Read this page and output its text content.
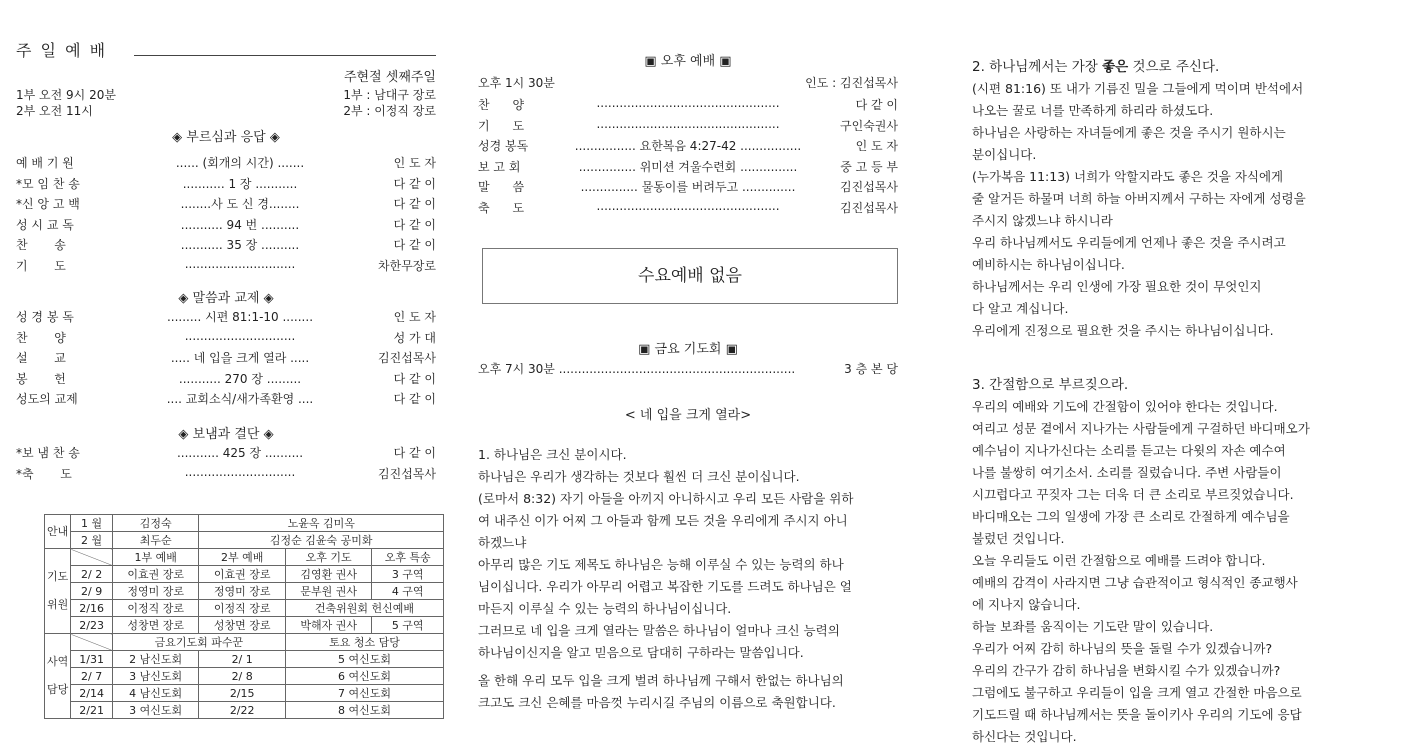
주 일 예 배
주현절 셋째주일
1부 오전 9시 20분	1부 : 남대구 장로
2부 오전 11시	2부 : 이정직 장로
◈ 부르심과 응답 ◈
예 배 기 원	...... (회개의 시간) .......	인 도 자
*모 임 찬 송	........... 1 장 ...........	다 같 이
*신 앙 고 백	........사 도 신 경........	다 같 이
성 시 교 독	........... 94 번 ..........	다 같 이
찬       송	........... 35 장 ..........	다 같 이
기       도	.............................	차한무장로
◈ 말씀과 교제 ◈
성 경 봉 독	......... 시편 81:1-10 ........	인 도 자
찬       양	.............................	성 가 대
설       교	..... 네 입을 크게 열라 .....	김진섭목사
봉       헌	........... 270 장 .........	다 같 이
성도의 교제	.... 교회소식/새가족환영 ....	다 같 이
◈ 보냄과 결단 ◈
*보 냄 찬 송	........... 425 장 ..........	다 같 이
*축       도	.............................	김진섭목사
안내	1 월	김정숙	노윤옥 김미옥		
	2 월	최두순	김정순 김윤숙 공미화		
기도

위원		1부 예배	2부 예배	오후 기도	오후 특송
	2/ 2	이효권 장로	이효권 장로	김영환 권사	3 구역
	2/ 9	정영미 장로	정영미 장로	문부원 권사	4 구역
	2/16	이정직 장로	이정직 장로	건축위원회 헌신예배	
	2/23	성창면 장로	성창면 장로	박해자 권사	5 구역
사역

담당		금요기도회 파수꾼		토요 청소 담당	
	1/31	2 남신도회	2/ 1	5 여신도회	
	2/ 7	3 남신도회	2/ 8	6 여신도회	
	2/14	4 남신도회	2/15	7 여신도회	
	2/21	3 여신도회	2/22	8 여신도회	
▣ 오후 예배 ▣
오후 1시 30분	인도 : 김진섭목사
찬      양	................................................	다 같 이
기      도	................................................	구인숙권사
성경 봉독	................ 요한복음 4:27-42 ................	인 도 자
보 고 회	............... 위미션 겨울수련회 ...............	중 고 등 부
말      씀	............... 물동이를 버려두고 ..............	김진섭목사
축      도	................................................	김진섭목사
수요예배 없음
▣ 금요 기도회 ▣
오후 7시 30분 ..............................................................	3 층 본 당
< 네 입을 크게 열라>

1. 하나님은 크신 분이시다.

하나님은 우리가 생각하는 것보다 훨씬 더 크신 분이십니다.

(로마서 8:32) 자기 아들을 아끼지 아니하시고 우리 모든 사람을 위하

여 내주신 이가 어찌 그 아들과 함께 모든 것을 우리에게 주시지 아니

하겠느냐

아무리 많은 기도 제목도 하나님은 능해 이루실 수 있는 능력의 하나

님이십니다. 우리가 아무리 어렵고 복잡한 기도를 드려도 하나님은 얼

마든지 이루실 수 있는 능력의 하나님이십니다.

그러므로 네 입을 크게 열라는 말씀은 하나님이 얼마나 크신 능력의

하나님이신지을 알고 믿음으로 담대히 구하라는 말씀입니다.

올 한해 우리 모두 입을 크게 벌려 하나님께 구해서 한없는 하나님의

크고도 크신 은혜를 마음껏 누리시길 주님의 이름으로 축원합니다.

2. 하나님께서는 가장 좋은 것으로 주신다.

(시편 81:16) 또 내가 기름진 밀을 그들에게 먹이며 반석에서

나오는 꿀로 너를 만족하게 하리라 하셨도다.

하나님은 사랑하는 자녀들에게 좋은 것을 주시기 원하시는

분이십니다.

(누가복음 11:13) 너희가 악할지라도 좋은 것을 자식에게

줄 알거든 하물며 너희 하늘 아버지께서 구하는 자에게 성령을

주시지 않겠느냐 하시니라

우리 하나님께서도 우리들에게 언제나 좋은 것을 주시려고

예비하시는 하나님이십니다.

하나님께서는 우리 인생에 가장 필요한 것이 무엇인지

다 알고 계십니다.

우리에게 진정으로 필요한 것을 주시는 하나님이십니다.

3. 간절함으로 부르짖으라.

우리의 예배와 기도에 간절함이 있어야 한다는 것입니다.

여리고 성문 곁에서 지나가는 사람들에게 구걸하던 바디매오가

예수님이 지나가신다는 소리를 듣고는 다윗의 자손 예수여

나를 불쌍히 여기소서. 소리를 질렀습니다. 주변 사람들이

시끄럽다고 꾸짖자 그는 더욱 더 큰 소리로 부르짖었습니다.

바디매오는 그의 일생에 가장 큰 소리로 간절하게 예수님을

불렀던 것입니다.

오늘 우리들도 이런 간절함으로 예배를 드려야 합니다.

예배의 감격이 사라지면 그냥 습관적이고 형식적인 종교행사

에 지나지 않습니다.

하늘 보좌를 움직이는 기도란 말이 있습니다.

우리가 어찌 감히 하나님의 뜻을 돌릴 수가 있겠습니까?

우리의 간구가 감히 하나님을 변화시킬 수가 있겠습니까?

그럼에도 불구하고 우리들이 입을 크게 열고 간절한 마음으로

기도드릴 때 하나님께서는 뜻을 돌이키사 우리의 기도에 응답

하신다는 것입니다.
